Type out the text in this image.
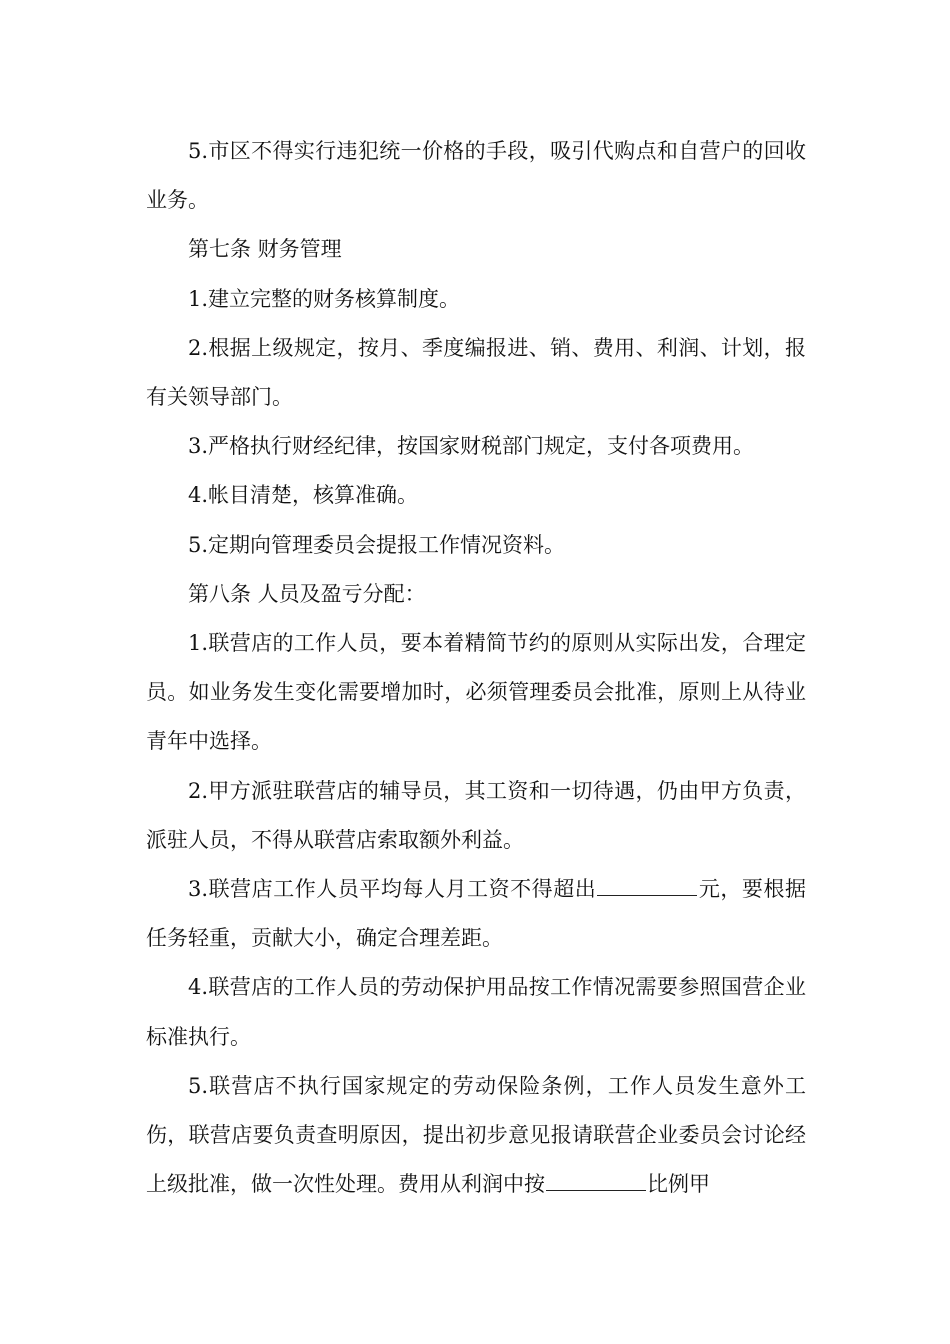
5.市区不得实行违犯统一价格的手段，吸引代购点和自营户的回收业务。

第七条 财务管理

1.建立完整的财务核算制度。

2.根据上级规定，按月、季度编报进、销、费用、利润、计划，报有关领导部门。

3.严格执行财经纪律，按国家财税部门规定，支付各项费用。

4.帐目清楚，核算准确。

5.定期向管理委员会提报工作情况资料。

第八条 人员及盈亏分配：

1.联营店的工作人员，要本着精简节约的原则从实际出发，合理定员。如业务发生变化需要增加时，必须管理委员会批准，原则上从待业青年中选择。

2.甲方派驻联营店的辅导员，其工资和一切待遇，仍由甲方负责，派驻人员，不得从联营店索取额外利益。

3.联营店工作人员平均每人月工资不得超出	元，要根据任务轻重，贡献大小，确定合理差距。

4.联营店的工作人员的劳动保护用品按工作情况需要参照国营企业标准执行。

5.联营店不执行国家规定的劳动保险条例，工作人员发生意外工伤，联营店要负责查明原因，提出初步意见报请联营企业委员会讨论经上级批准，做一次性处理。费用从利润中按	比例甲
